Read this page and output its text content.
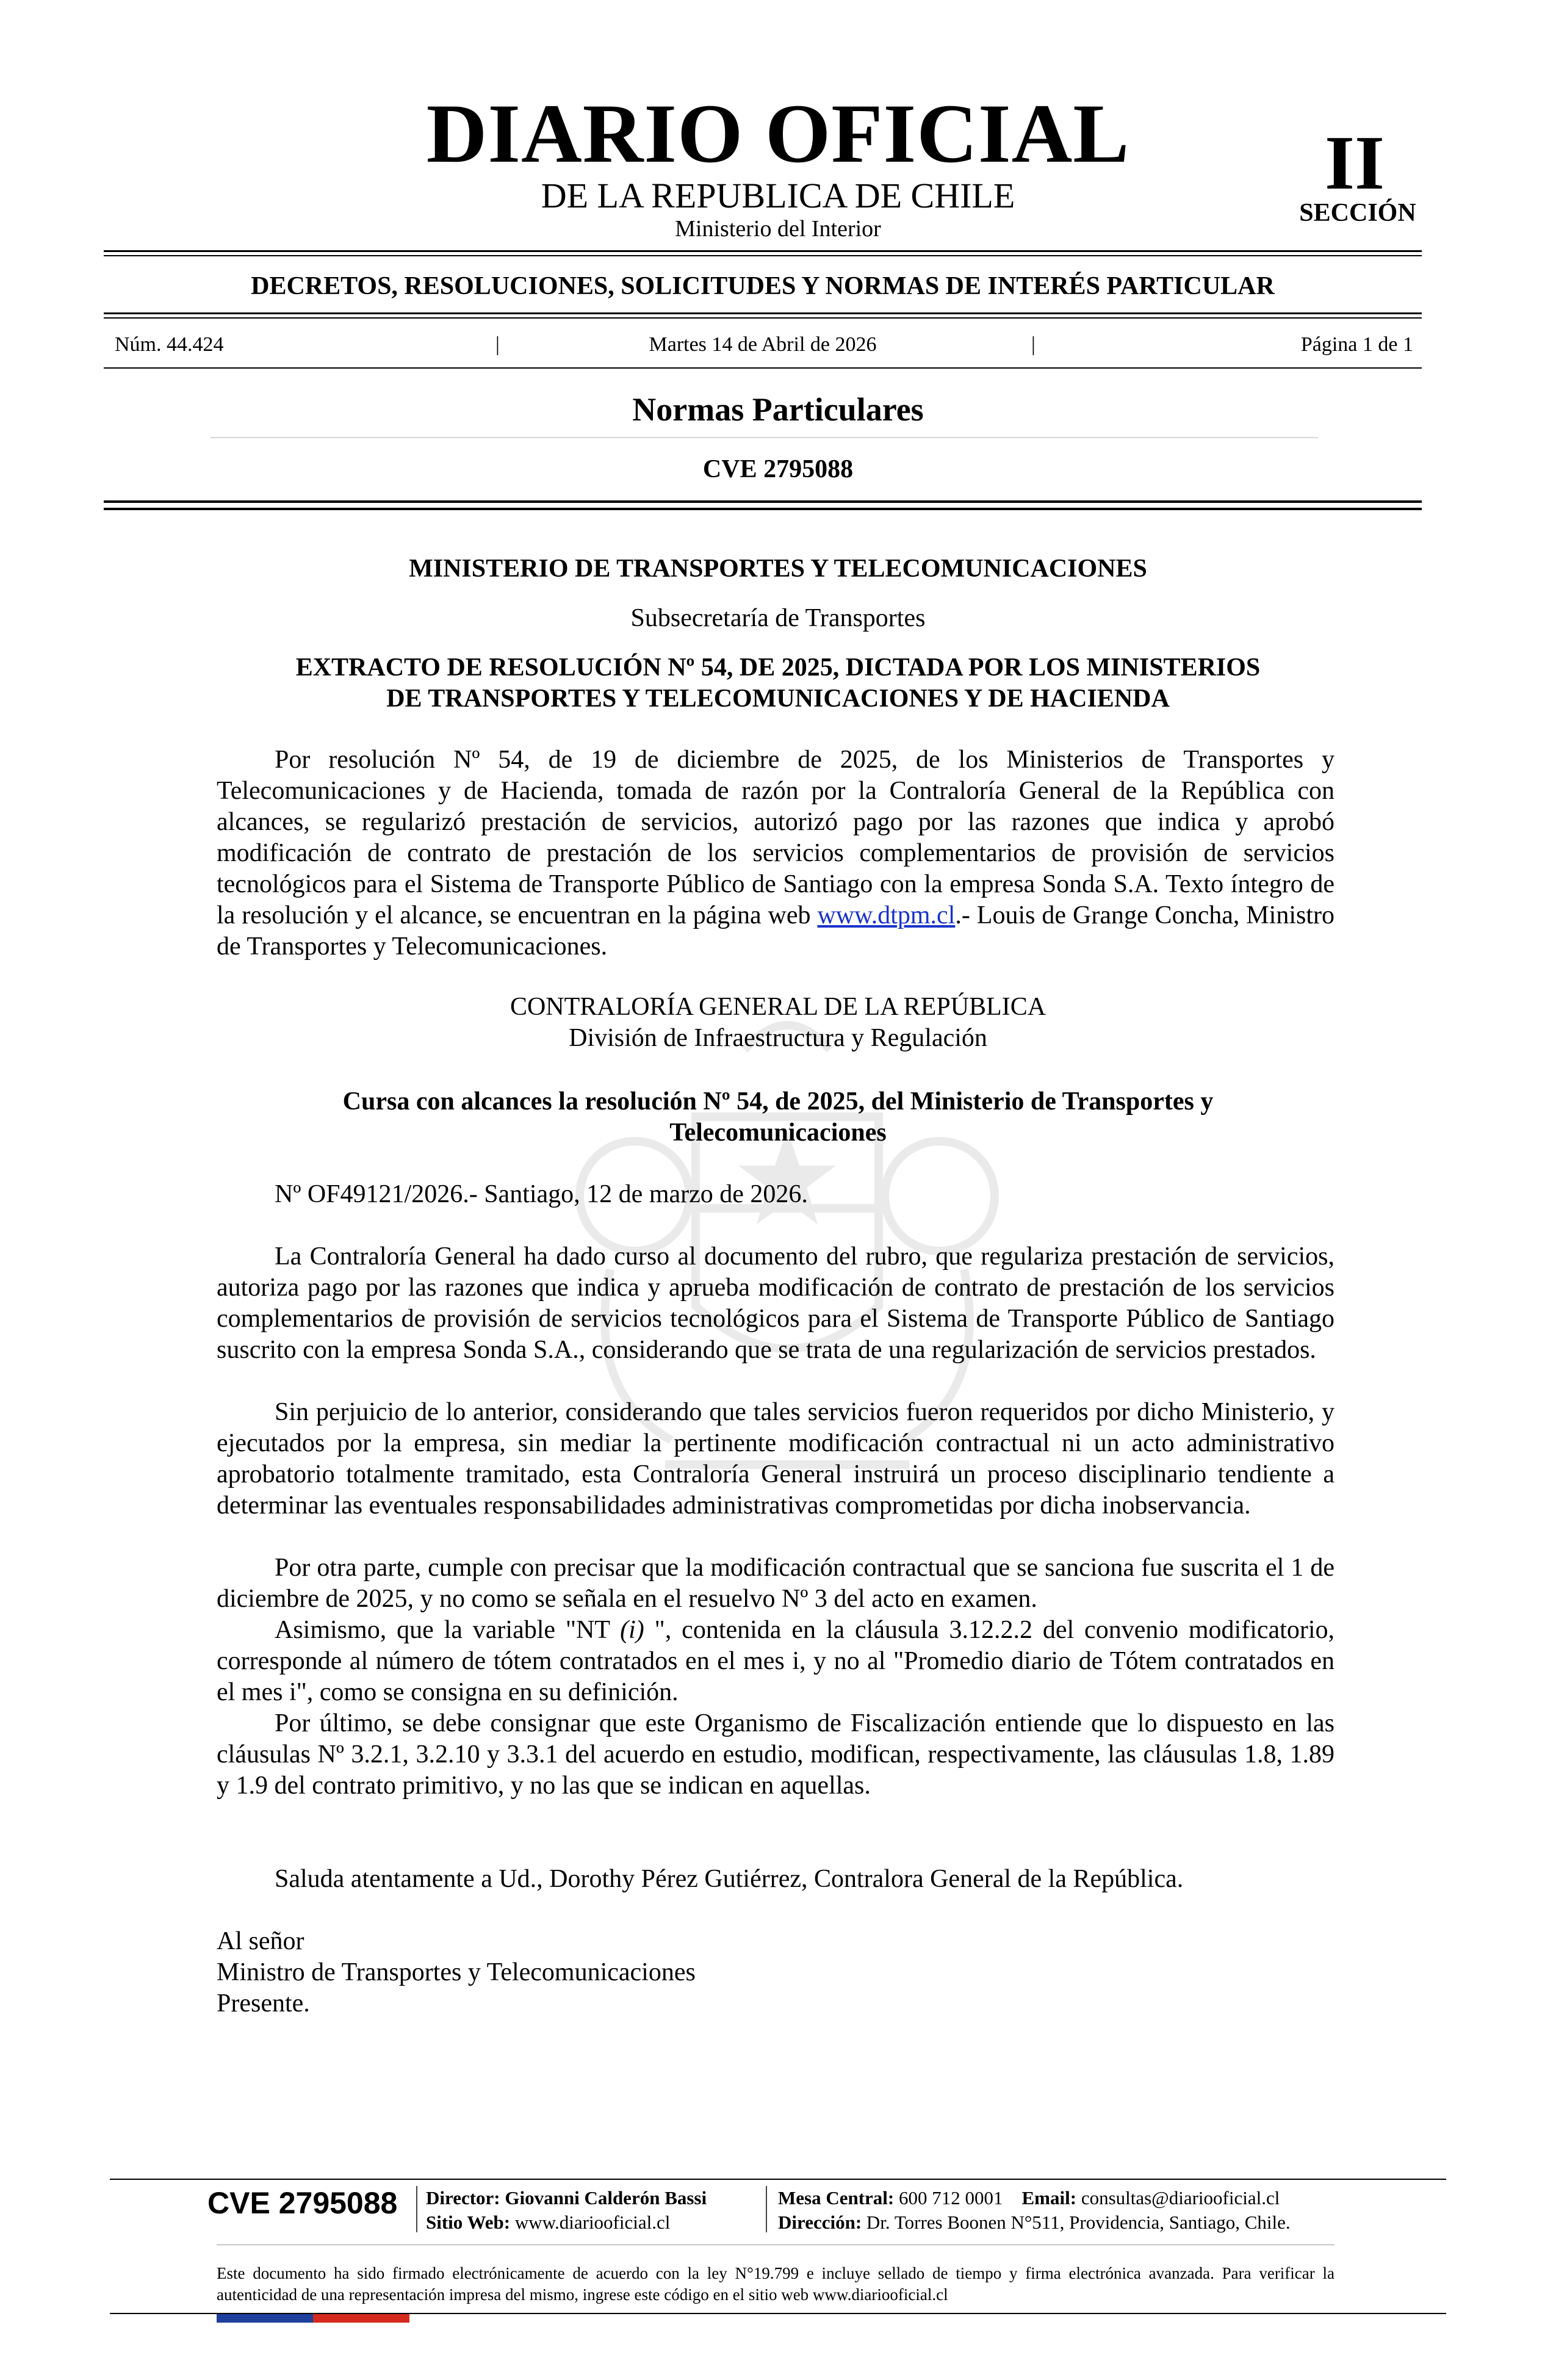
DIARIO OFICIAL
DE LA REPUBLICA DE CHILE
Ministerio del Interior
II
SECCIÓN
DECRETOS, RESOLUCIONES, SOLICITUDES Y NORMAS DE INTERÉS PARTICULAR
Núm. 44.424	|	Martes 14 de Abril de 2026	|	Página 1 de 1
Normas Particulares
CVE 2795088
MINISTERIO DE TRANSPORTES Y TELECOMUNICACIONES
Subsecretaría de Transportes
EXTRACTO DE RESOLUCIÓN Nº 54, DE 2025, DICTADA POR LOS MINISTERIOS
DE TRANSPORTES Y TELECOMUNICACIONES Y DE HACIENDA

Por resolución Nº 54, de 19 de diciembre de 2025, de los Ministerios de Transportes y Telecomunicaciones y de Hacienda, tomada de razón por la Contraloría General de la República con alcances, se regularizó prestación de servicios, autorizó pago por las razones que indica y aprobó modificación de contrato de prestación de los servicios complementarios de provisión de servicios tecnológicos para el Sistema de Transporte Público de Santiago con la empresa Sonda S.A. Texto íntegro de la resolución y el alcance, se encuentran en la página web www.dtpm.cl.- Louis de Grange Concha, Ministro de Transportes y Telecomunicaciones.

CONTRALORÍA GENERAL DE LA REPÚBLICA
División de Infraestructura y Regulación
Cursa con alcances la resolución Nº 54, de 2025, del Ministerio de Transportes y
Telecomunicaciones
Nº OF49121/2026.- Santiago, 12 de marzo de 2026.

La Contraloría General ha dado curso al documento del rubro, que regulariza prestación de servicios, autoriza pago por las razones que indica y aprueba modificación de contrato de prestación de los servicios complementarios de provisión de servicios tecnológicos para el Sistema de Transporte Público de Santiago suscrito con la empresa Sonda S.A., considerando que se trata de una regularización de servicios prestados.

Sin perjuicio de lo anterior, considerando que tales servicios fueron requeridos por dicho Ministerio, y ejecutados por la empresa, sin mediar la pertinente modificación contractual ni un acto administrativo aprobatorio totalmente tramitado, esta Contraloría General instruirá un proceso disciplinario tendiente a determinar las eventuales responsabilidades administrativas comprometidas por dicha inobservancia.

Por otra parte, cumple con precisar que la modificación contractual que se sanciona fue suscrita el 1 de diciembre de 2025, y no como se señala en el resuelvo Nº 3 del acto en examen.

Asimismo, que la variable "NT (i) ", contenida en la cláusula 3.12.2.2 del convenio modificatorio, corresponde al número de tótem contratados en el mes i, y no al "Promedio diario de Tótem contratados en el mes i", como se consigna en su definición.

Por último, se debe consignar que este Organismo de Fiscalización entiende que lo dispuesto en las cláusulas Nº 3.2.1, 3.2.10 y 3.3.1 del acuerdo en estudio, modifican, respectivamente, las cláusulas 1.8, 1.89 y 1.9 del contrato primitivo, y no las que se indican en aquellas.

Saluda atentamente a Ud., Dorothy Pérez Gutiérrez, Contralora General de la República.

Al señor
Ministro de Transportes y Telecomunicaciones
Presente.
CVE 2795088 Director: Giovanni Calderón Bassi
Sitio Web: www.diariooficial.cl
Mesa Central: 600 712 0001 Email: consultas@diariooficial.cl
Dirección: Dr. Torres Boonen N°511, Providencia, Santiago, Chile.
Este documento ha sido firmado electrónicamente de acuerdo con la ley N°19.799 e incluye sellado de tiempo y firma electrónica avanzada. Para verificar la autenticidad de una representación impresa del mismo, ingrese este código en el sitio web www.diariooficial.cl
